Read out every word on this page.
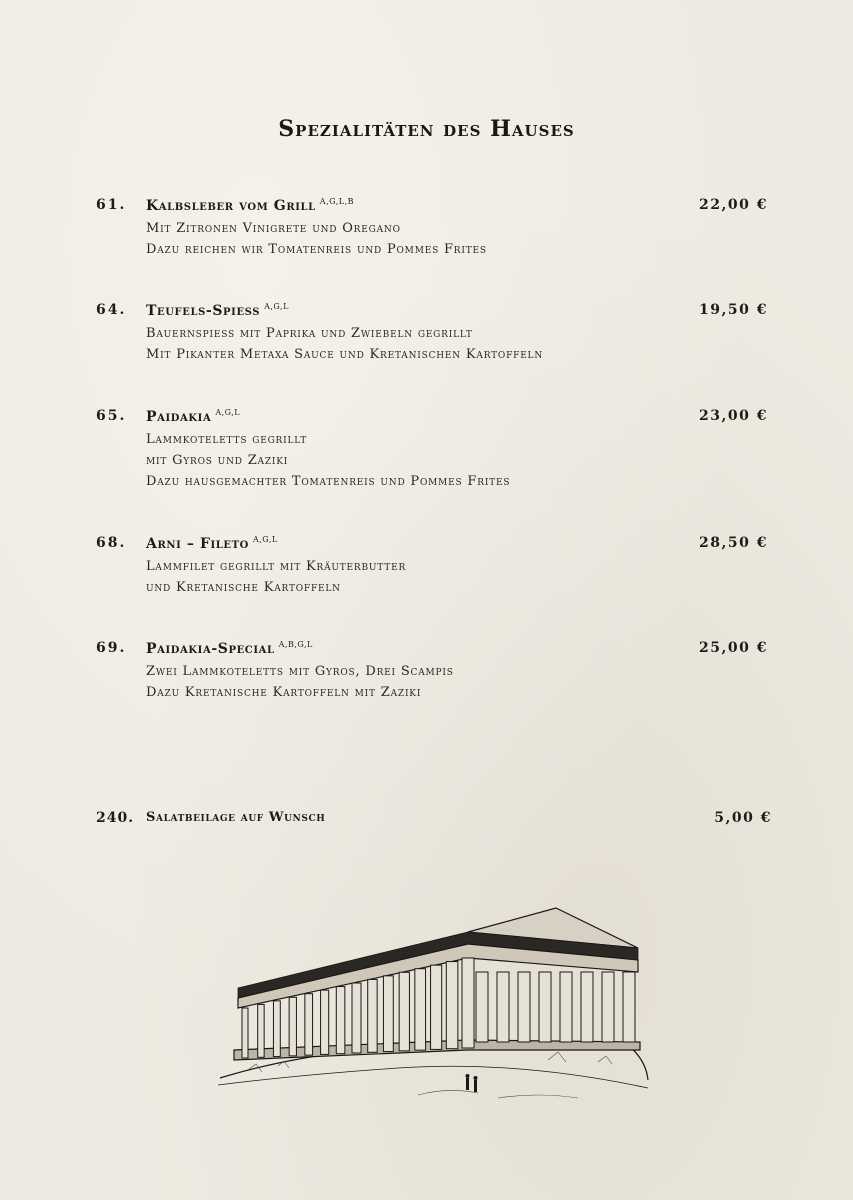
Spezialitäten des Hauses
61.	Kalbsleber vom Grill $^{A,G,L,B}$	22,00 €
Mit Zitronen Vinigrete und Oregano
Dazu reichen wir Tomatenreis und Pommes Frites
64.	Teufels-Spiess $^{A,G,L}$	19,50 €
Bauernspiess mit Paprika und Zwiebeln gegrillt
Mit Pikanter Metaxa Sauce und Kretanischen Kartoffeln
65.	Paidakia $^{A,G,L}$	23,00 €
Lammkoteletts gegrillt
mit Gyros und Zaziki
Dazu hausgemachter Tomatenreis und Pommes Frites
68.	Arni – Fileto $^{A,G,L}$	28,50 €
Lammfilet gegrillt mit Kräuterbutter
und Kretanische Kartoffeln
69.	Paidakia-Special $^{A,B,G,L}$	25,00 €
Zwei Lammkoteletts mit Gyros, Drei Scampis
Dazu Kretanische Kartoffeln mit Zaziki
240. Salatbeilage auf Wunsch	5,00 €
